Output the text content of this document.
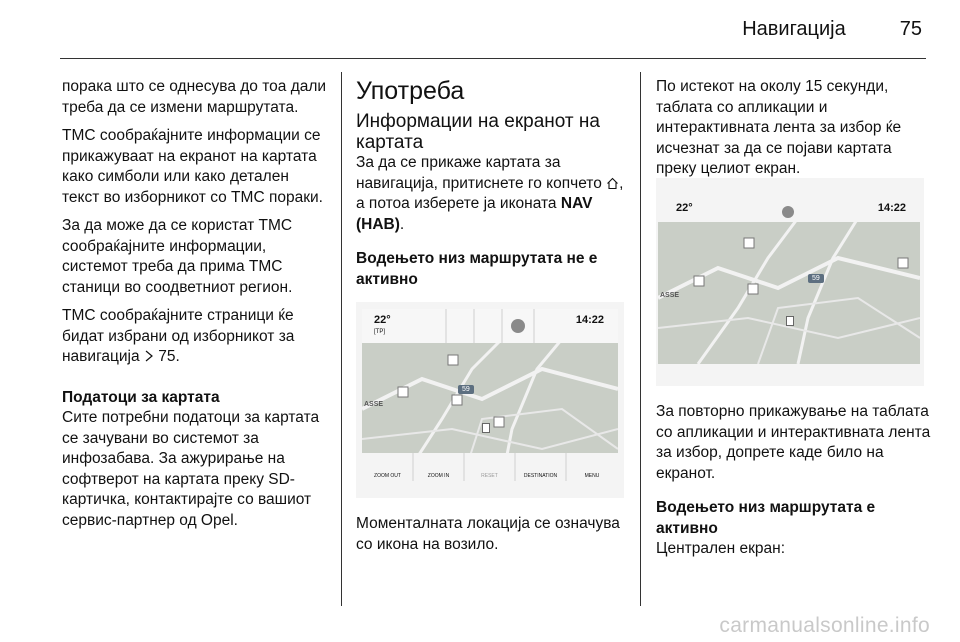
Навигација	75

порака што се однесува до тоа дали треба да се измени маршрутата.

TMC сообраќајните информации се прикажуваат на екранот на картата како симболи или како детален текст во изборникот со TMC пораки.

За да може да се користат TMC сообраќајните информации, системот треба да прима TMC станици во соодветниот регион.

TMC сообраќајните страници ќе бидат избрани од изборникот за навигација 75.

Податоци за картата

Сите потребни податоци за картата се зачувани во системот за инфозабава. За ажурирање на софтверот на картата преку SD-картичка, контактирајте со вашиот сервис-партнер од Opel.

Употреба
Информации на екранот на картата

За да се прикаже картата за навигација, притиснете го копчето , а потоа изберете ја иконата NAV (НАВ).

Водењето низ маршрутата не е активно
22°
[TP]
14:22
ASSE
59
ZOOM OUT	ZOOM IN	RESET	DESTINATION	MENU

Моменталната локација се означува со икона на возило.

По истекот на околу 15 секунди, таблата со апликации и интерактивната лента за избор ќе исчезнат за да се појави картата преку целиот екран.

22°	14:22
ASSE
59

За повторно прикажување на таблата со апликации и интерактивната лента за избор, допрете каде било на екранот.

Водењето низ маршрутата е активно

Централен екран:

carmanualsonline.info
